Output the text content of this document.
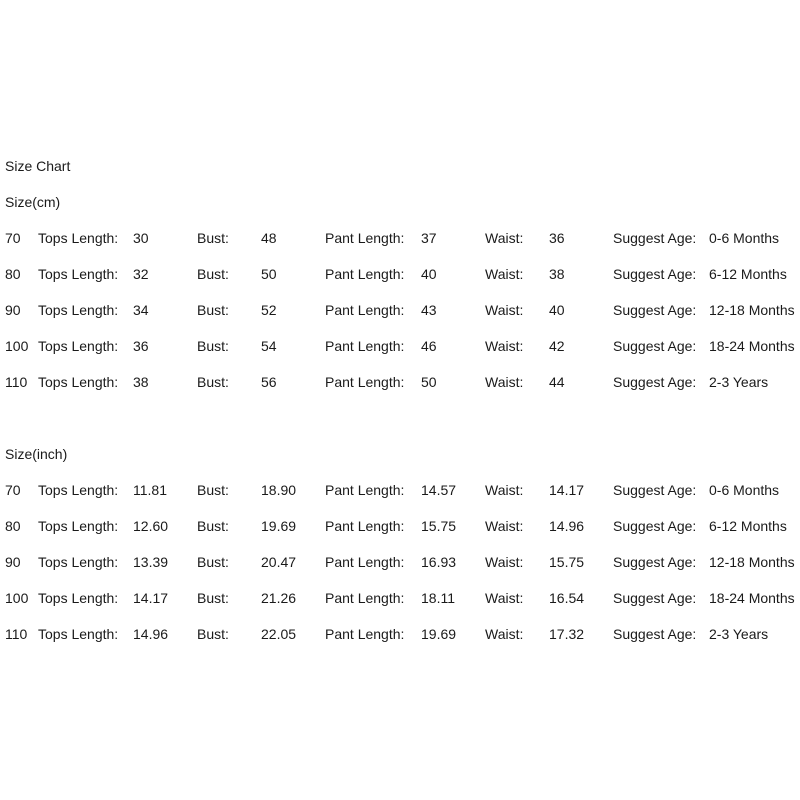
Size Chart
Size(cm)
70 Tops Length: 30	Bust: 48	Pant Length: 37	Waist: 36	Suggest Age: 0-6 Months
80 Tops Length: 32	Bust: 50	Pant Length: 40	Waist: 38	Suggest Age: 6-12 Months
90 Tops Length: 34	Bust: 52	Pant Length: 43	Waist: 40	Suggest Age: 12-18 Months
100 Tops Length: 36	Bust: 54	Pant Length: 46	Waist: 42	Suggest Age: 18-24 Months
110 Tops Length: 38	Bust: 56	Pant Length: 50	Waist: 44	Suggest Age: 2-3 Years
Size(inch)
70 Tops Length: 11.81 Bust: 18.90 Pant Length: 14.57 Waist: 14.17 Suggest Age: 0-6 Months
80 Tops Length: 12.60 Bust: 19.69 Pant Length: 15.75 Waist: 14.96 Suggest Age: 6-12 Months
90 Tops Length: 13.39 Bust: 20.47 Pant Length: 16.93 Waist: 15.75 Suggest Age: 12-18 Months
100 Tops Length: 14.17 Bust: 21.26 Pant Length: 18.11 Waist: 16.54 Suggest Age: 18-24 Months
110 Tops Length: 14.96 Bust: 22.05 Pant Length: 19.69 Waist: 17.32 Suggest Age: 2-3 Years
